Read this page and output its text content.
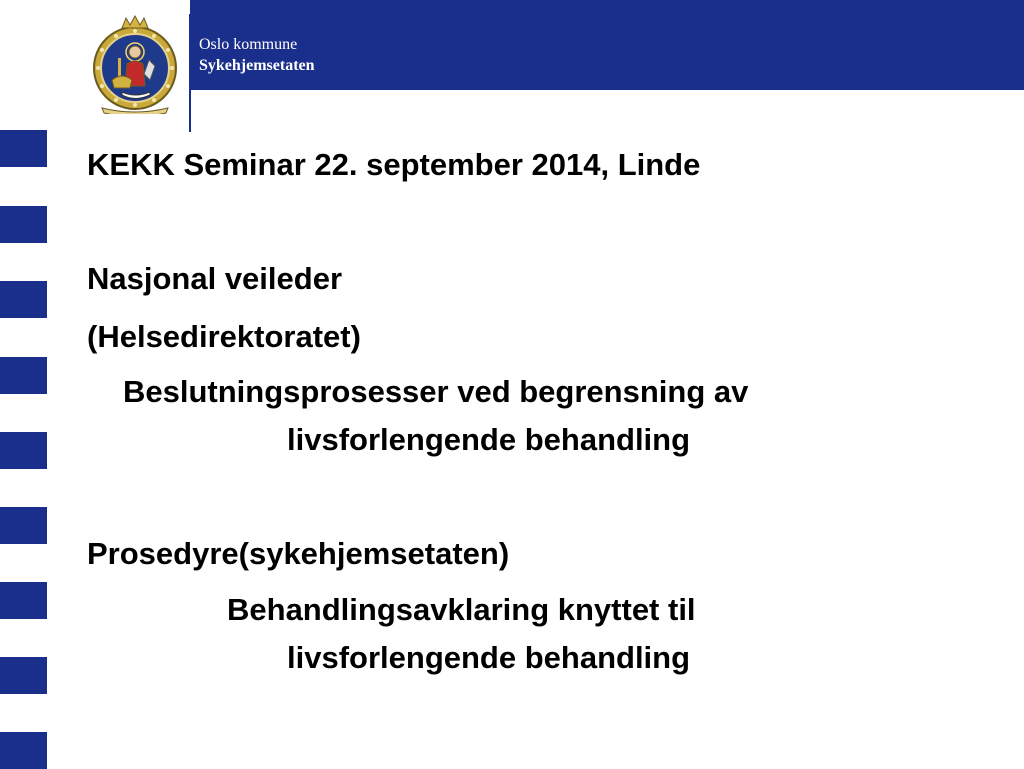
Oslo kommune
Sykehjemsetaten
KEKK Seminar 22. september 2014, Linde
Nasjonal veileder
(Helsedirektoratet)
Beslutningsprosesser ved begrensning av
livsforlengende behandling
Prosedyre(sykehjemsetaten)
Behandlingsavklaring knyttet til
livsforlengende behandling
